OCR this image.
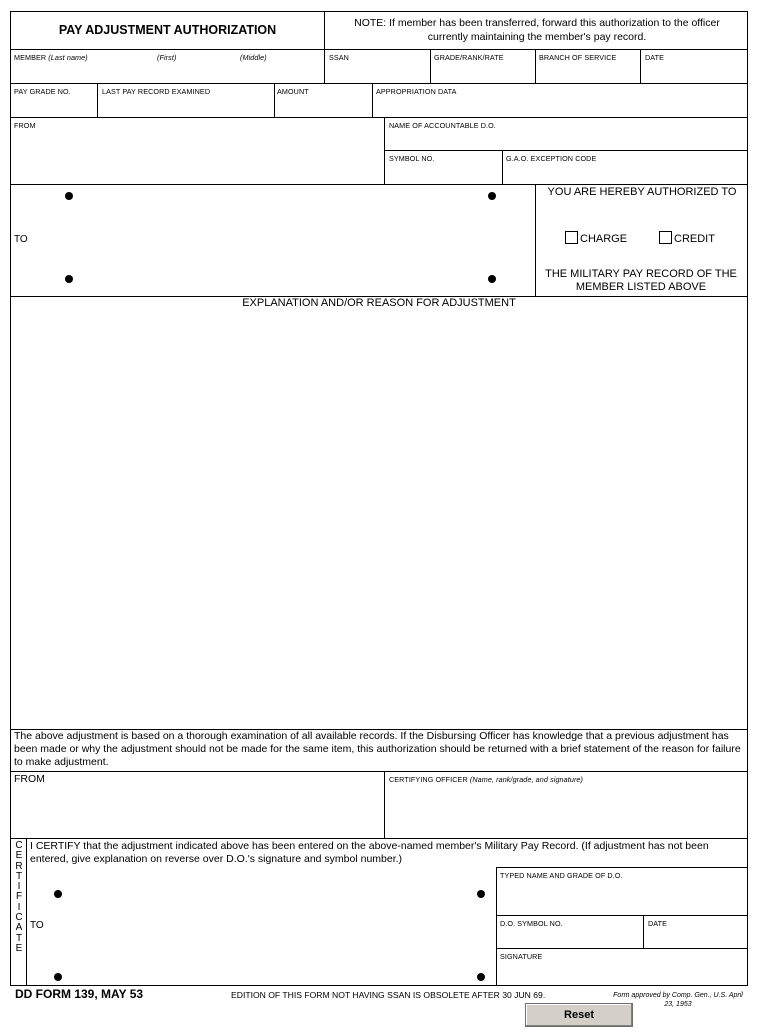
PAY ADJUSTMENT AUTHORIZATION	NOTE: If member has been transferred, forward this authorization to the officer currently maintaining the member's pay record.
MEMBER (Last name)	(First)	(Middle)	SSAN	GRADE/RANK/RATE	BRANCH OF SERVICE	DATE
PAY GRADE NO.	LAST PAY RECORD EXAMINED	AMOUNT	APPROPRIATION DATA
FROM	NAME OF ACCOUNTABLE D.O.
SYMBOL NO.	G.A.O. EXCEPTION CODE
TO
YOU ARE HEREBY AUTHORIZED TO
CHARGE	CREDIT
THE MILITARY PAY RECORD OF THE MEMBER LISTED ABOVE
EXPLANATION AND/OR REASON FOR ADJUSTMENT
The above adjustment is based on a thorough examination of all available records. If the Disbursing Officer has knowledge that a previous adjustment has been made or why the adjustment should not be made for the same item, this authorization should be returned with a brief statement of the reason for failure to make adjustment.
FROM	CERTIFYING OFFICER (Name, rank/grade, and signature)
C
E
R
T
I
F
I
C
A
T
E
I CERTIFY that the adjustment indicated above has been entered on the above-named member's Military Pay Record. (If adjustment has not been entered, give explanation on reverse over D.O.'s signature and symbol number.)
TO
TYPED NAME AND GRADE OF D.O.
D.O. SYMBOL NO.	DATE
SIGNATURE
DD FORM 139, MAY 53	EDITION OF THIS FORM NOT HAVING SSAN IS OBSOLETE AFTER 30 JUN 69.	Form approved by Comp. Gen., U.S. April 23, 1953
Reset
